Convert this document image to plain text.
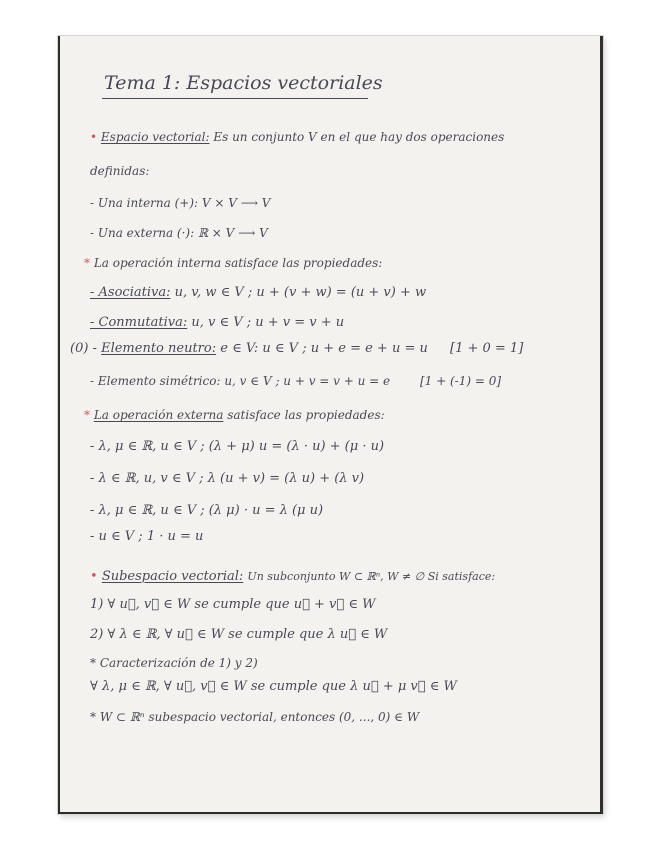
Tema 1: Espacios vectoriales
• Espacio vectorial: Es un conjunto V en el que hay dos operaciones
definidas:
- Una interna (+): V × V ⟶ V
- Una externa (·): ℝ × V ⟶ V
* La operación interna satisface las propiedades:
- Asociativa: u, v, w ∈ V ; u + (v + w) = (u + v) + w
- Conmutativa: u, v ∈ V ; u + v = v + u
(0) - Elemento neutro: e ∈ V: u ∈ V ; u + e = e + u = u [1 + 0 = 1]
- Elemento simétrico: u, v ∈ V ; u + v = v + u = e [1 + (-1) = 0]
* La operación externa satisface las propiedades:
- λ, μ ∈ ℝ, u ∈ V ; (λ + μ) u = (λ · u) + (μ · u)
- λ ∈ ℝ, u, v ∈ V ; λ (u + v) = (λ u) + (λ v)
- λ, μ ∈ ℝ, u ∈ V ; (λ μ) · u = λ (μ u)
- u ∈ V ; 1 · u = u
• Subespacio vectorial: Un subconjunto W ⊂ ℝⁿ, W ≠ ∅ Si satisface:
1) ∀ u⃗, v⃗ ∈ W se cumple que u⃗ + v⃗ ∈ W
2) ∀ λ ∈ ℝ, ∀ u⃗ ∈ W se cumple que λ u⃗ ∈ W
* Caracterización de 1) y 2)
∀ λ, μ ∈ ℝ, ∀ u⃗, v⃗ ∈ W se cumple que λ u⃗ + μ v⃗ ∈ W
* W ⊂ ℝⁿ subespacio vectorial, entonces (0, ..., 0) ∈ W
